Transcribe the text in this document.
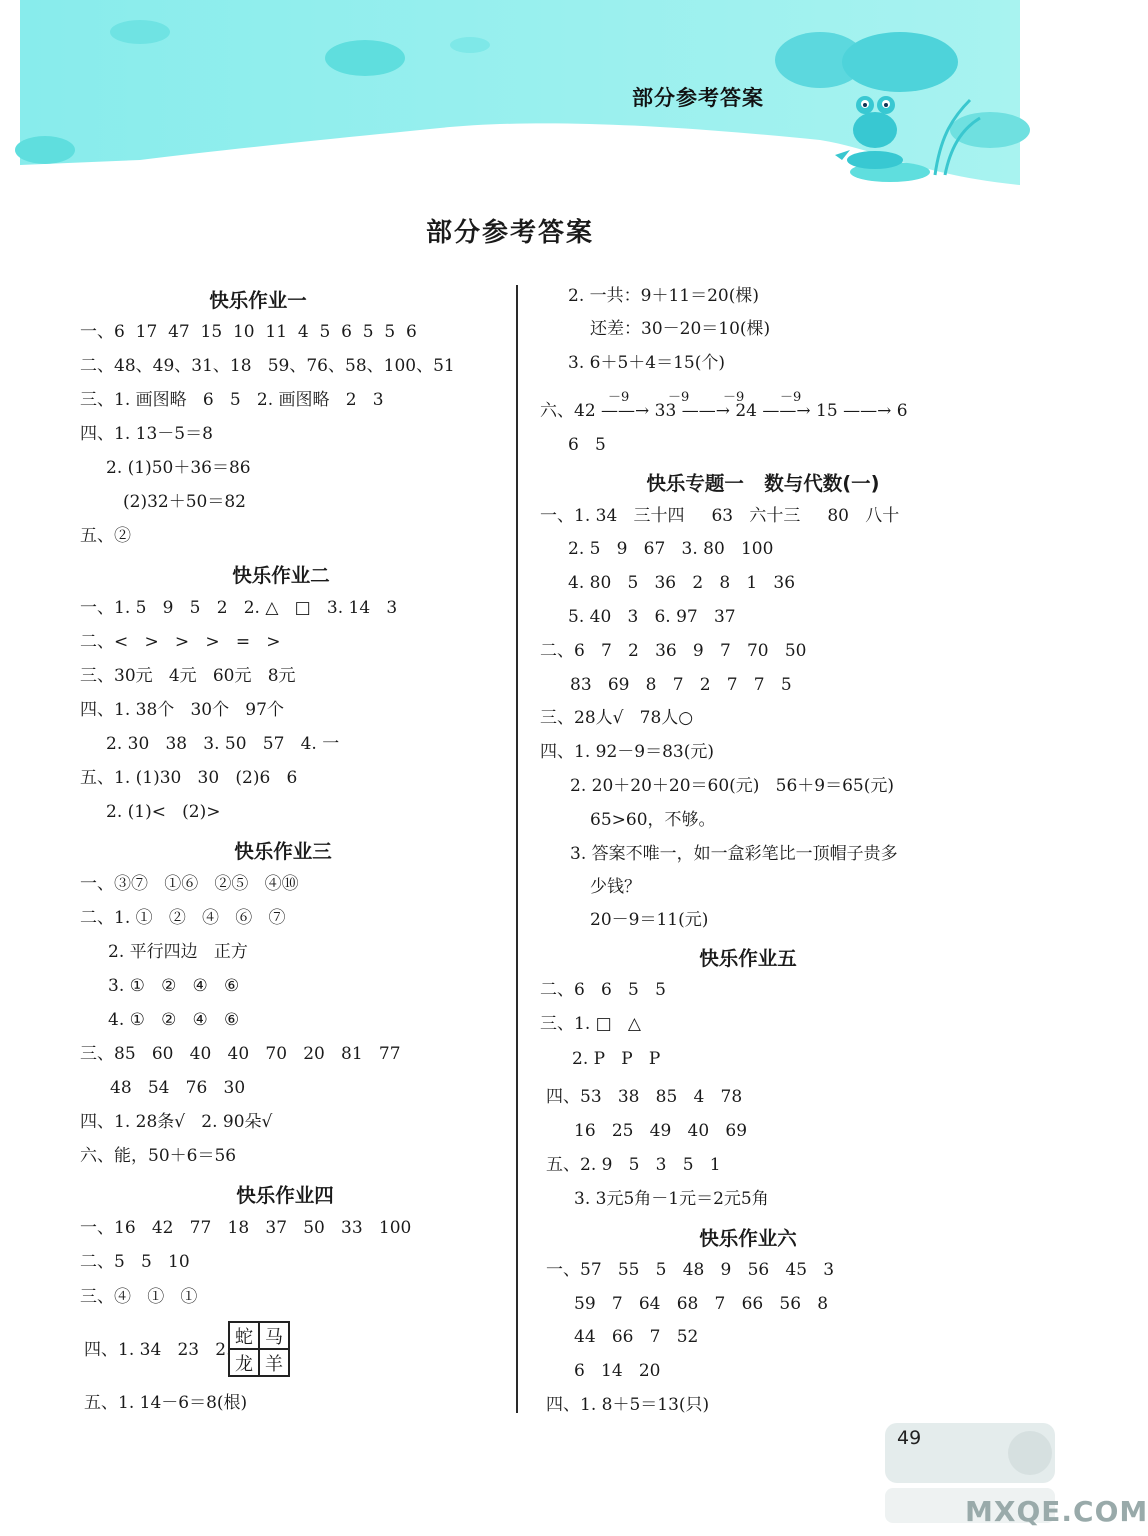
部分参考答案
部分参考答案
快乐作业一
一、6  17  47  15  10  11  4  5  6  5  5  6
二、48、49、31、18   59、76、58、100、51
三、1. 画图略   6   5   2. 画图略   2   3
四、1. 13－5＝8
2. (1)50＋36＝86
(2)32＋50＝82
五、②
快乐作业二
一、1. 5   9   5   2   2. △   □   3. 14   3
二、<   >   >   >   =   >
三、30元   4元   60元   8元
四、1. 38个   30个   97个
2. 30   38   3. 50   57   4. 一
五、1. (1)30   30   (2)6   6
2. (1)<   (2)>
快乐作业三
一、③⑦   ①⑥   ②⑤   ④⑩
二、1. ①   ②   ④   ⑥   ⑦
2. 平行四边   正方
3. ①   ②   ④   ⑥
4. ①   ②   ④   ⑥
三、85   60   40   40   70   20   81   77
48   54   76   30
四、1. 28条√   2. 90朵√
六、能，50＋6＝56
快乐作业四
一、16   42   77   18   37   50   33   100
二、5   5   10
三、④   ①   ①
四、1. 34   23   2.
蛇 马
龙 羊
五、1. 14－6＝8(根)
2. 一共：9＋11＝20(棵)
还差：30－20＝10(棵)
3. 6＋5＋4＝15(个)
－9	－9	－9	－9
六、42 ——→ 33 ——→ 24 ——→ 15 ——→ 6
6   5
快乐专题一   数与代数(一)
一、1. 34   三十四     63   六十三     80   八十
2. 5   9   67   3. 80   100
4. 80   5   36   2   8   1   36
5. 40   3   6. 97   37
二、6   7   2   36   9   7   70   50
83   69   8   7   2   7   7   5
三、28人√   78人○
四、1. 92－9＝83(元)
2. 20＋20＋20＝60(元)   56＋9＝65(元)
65>60，不够。
3. 答案不唯一，如一盒彩笔比一顶帽子贵多
少钱？
20－9＝11(元)
快乐作业五
二、6   6   5   5
三、1. □   △
2. P   P   P
四、53   38   85   4   78
16   25   49   40   69
五、2. 9   5   3   5   1
3. 3元5角－1元＝2元5角
快乐作业六
一、57   55   5   48   9   56   45   3
59   7   64   68   7   66   56   8
44   66   7   52
6   14   20
四、1. 8＋5＝13(只)
49
MXQE.COM
